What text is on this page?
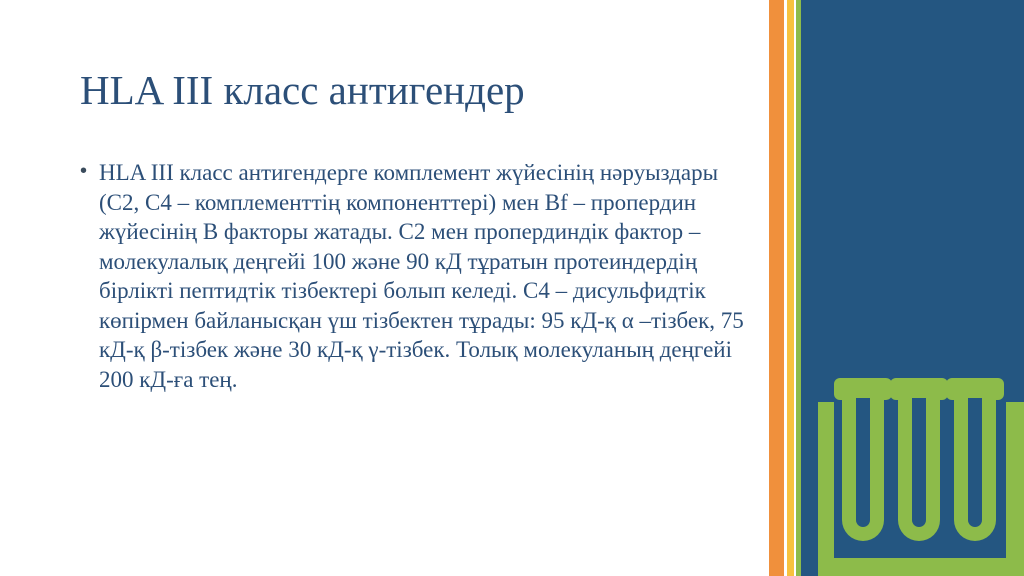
HLA III класс антигендер
• HLA III класс антигендерге комплемент жүйесінің нәруыздары (C2, C4 – комплементтің компоненттері) мен Bf – пропердин жүйесінің В факторы жатады. С2 мен пропердиндік фактор – молекулалық деңгейі 100 және 90 кД тұратын протеиндердің бірлікті пептидтік тізбектері болып келеді. С4 – дисульфидтік көпірмен байланысқан үш тізбектен тұрады: 95 кД-қ α –тізбек, 75 кД-қ β-тізбек және 30 кД-қ γ-тізбек. Толық молекуланың деңгейі 200 кД-ға тең.
